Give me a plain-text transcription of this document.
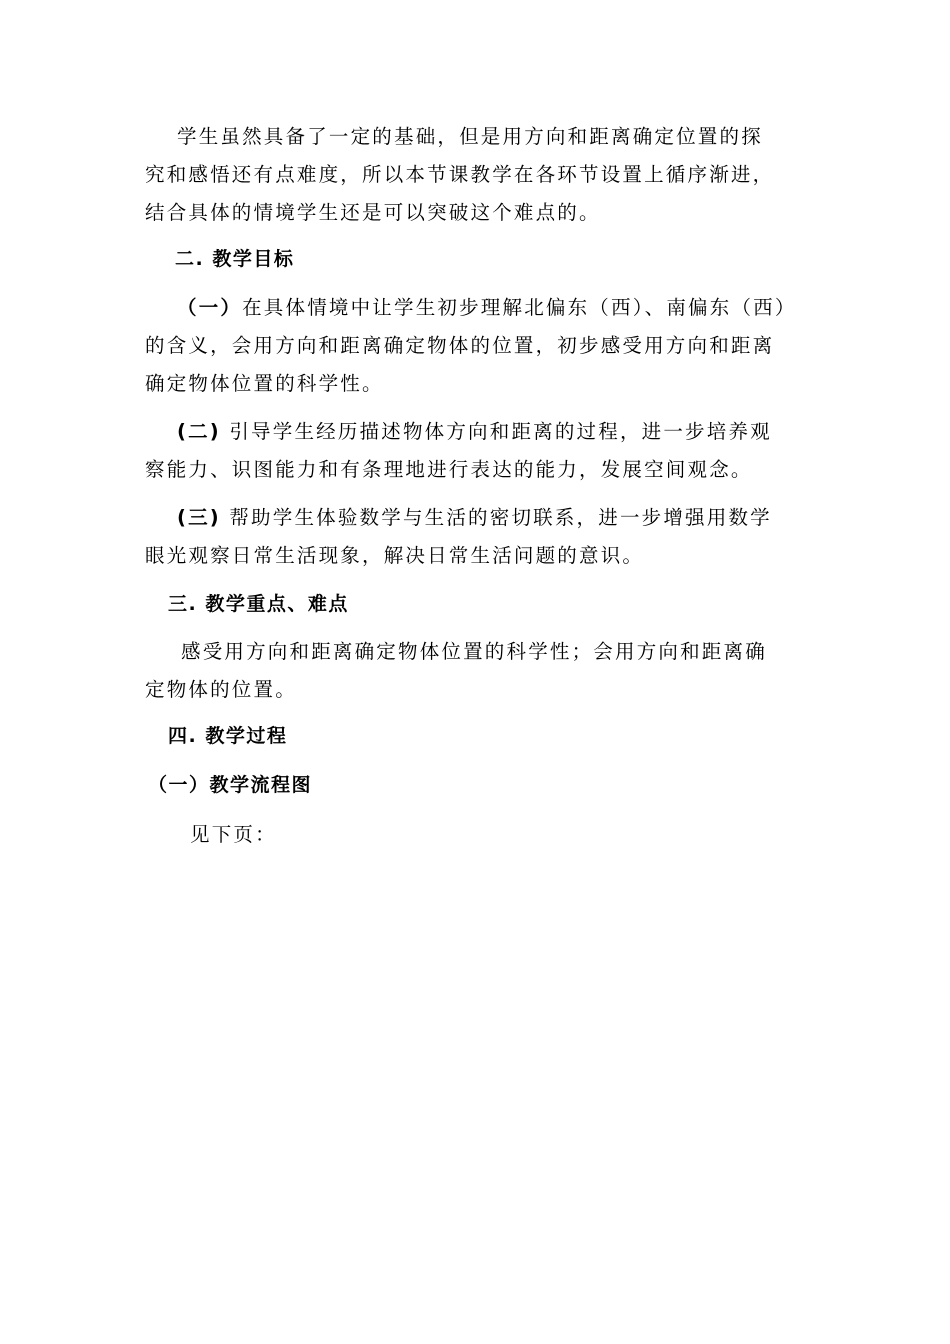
学生虽然具备了一定的基础，但是用方向和距离确定位置的探
究和感悟还有点难度，所以本节课教学在各环节设置上循序渐进，
结合具体的情境学生还是可以突破这个难点的。
二. 教学目标
（一）在具体情境中让学生初步理解北偏东（西）、南偏东（西）
的含义，会用方向和距离确定物体的位置，初步感受用方向和距离
确定物体位置的科学性。
(二) 引导学生经历描述物体方向和距离的过程，进一步培养观
察能力、识图能力和有条理地进行表达的能力，发展空间观念。
(三) 帮助学生体验数学与生活的密切联系，进一步增强用数学
眼光观察日常生活现象，解决日常生活问题的意识。
三. 教学重点、难点
感受用方向和距离确定物体位置的科学性；会用方向和距离确
定物体的位置。
四. 教学过程
（一）教学流程图
见下页：
